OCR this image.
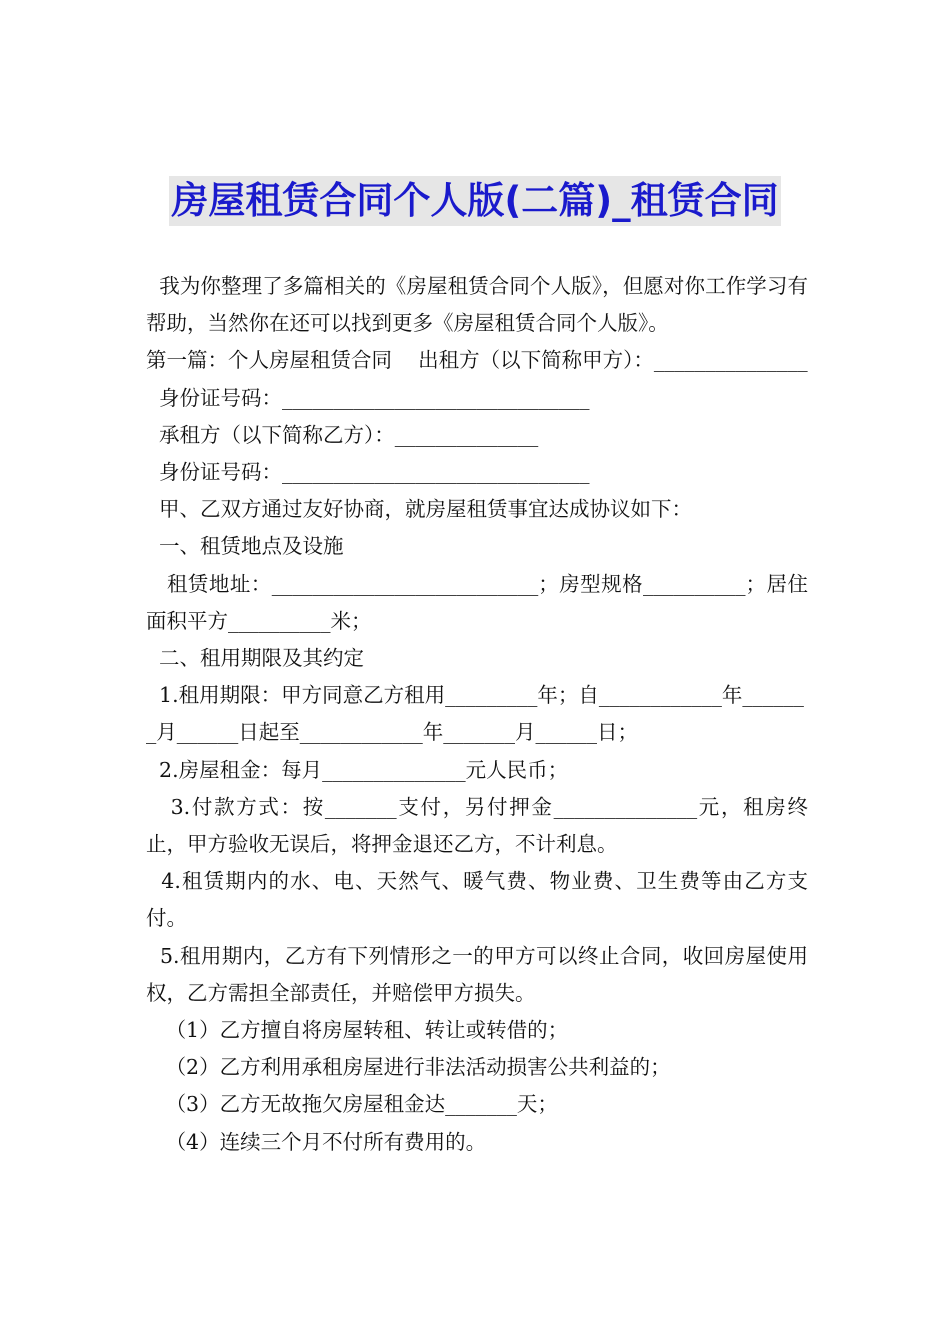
房屋租赁合同个人版(二篇)_租赁合同

我为你整理了多篇相关的《房屋租赁合同个人版》，但愿对你工作学习有帮助，当然你在还可以找到更多《房屋租赁合同个人版》。

第一篇：个人房屋租赁合同    出租方（以下简称甲方）：_______________

身份证号码：______________________________

承租方（以下简称乙方）：______________

身份证号码：______________________________

甲、乙双方通过友好协商，就房屋租赁事宜达成协议如下：

一、租赁地点及设施

租赁地址：__________________________；房型规格__________；居住面积平方__________米；

二、租用期限及其约定

1.租用期限：甲方同意乙方租用_________年；自____________年_______月______日起至____________年_______月______日；

2.房屋租金：每月______________元人民币；

3.付款方式：按_______支付，另付押金______________元，租房终止，甲方验收无误后，将押金退还乙方，不计利息。

4.租赁期内的水、电、天然气、暖气费、物业费、卫生费等由乙方支付。

5.租用期内，乙方有下列情形之一的甲方可以终止合同，收回房屋使用权，乙方需担全部责任，并赔偿甲方损失。

（1）乙方擅自将房屋转租、转让或转借的；

（2）乙方利用承租房屋进行非法活动损害公共利益的；

（3）乙方无故拖欠房屋租金达_______天；

（4）连续三个月不付所有费用的。
